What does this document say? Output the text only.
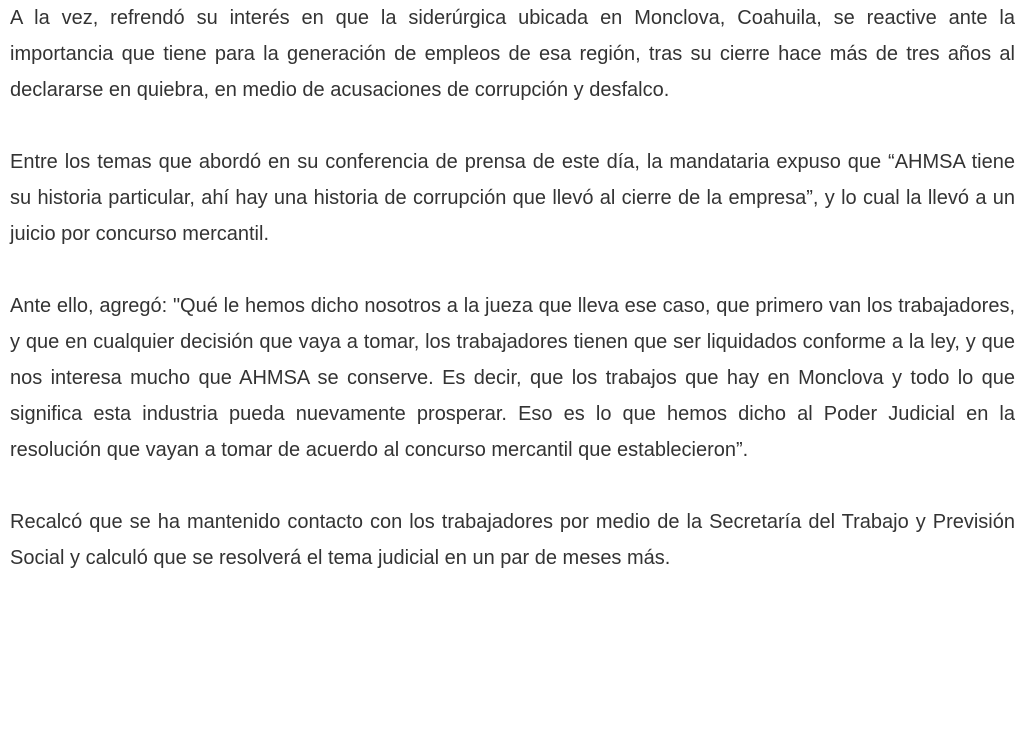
A la vez, refrendó su interés en que la siderúrgica ubicada en Monclova, Coahuila, se reactive ante la importancia que tiene para la generación de empleos de esa región, tras su cierre hace más de tres años al declararse en quiebra, en medio de acusaciones de corrupción y desfalco.

Entre los temas que abordó en su conferencia de prensa de este día, la mandataria expuso que “AHMSA tiene su historia particular, ahí hay una historia de corrupción que llevó al cierre de la empresa”, y lo cual la llevó a un juicio por concurso mercantil.

Ante ello, agregó: "Qué le hemos dicho nosotros a la jueza que lleva ese caso, que primero van los trabajadores, y que en cualquier decisión que vaya a tomar, los trabajadores tienen que ser liquidados conforme a la ley, y que nos interesa mucho que AHMSA se conserve. Es decir, que los trabajos que hay en Monclova y todo lo que significa esta industria pueda nuevamente prosperar. Eso es lo que hemos dicho al Poder Judicial en la resolución que vayan a tomar de acuerdo al concurso mercantil que establecieron”.

Recalcó que se ha mantenido contacto con los trabajadores por medio de la Secretaría del Trabajo y Previsión Social y calculó que se resolverá el tema judicial en un par de meses más.
